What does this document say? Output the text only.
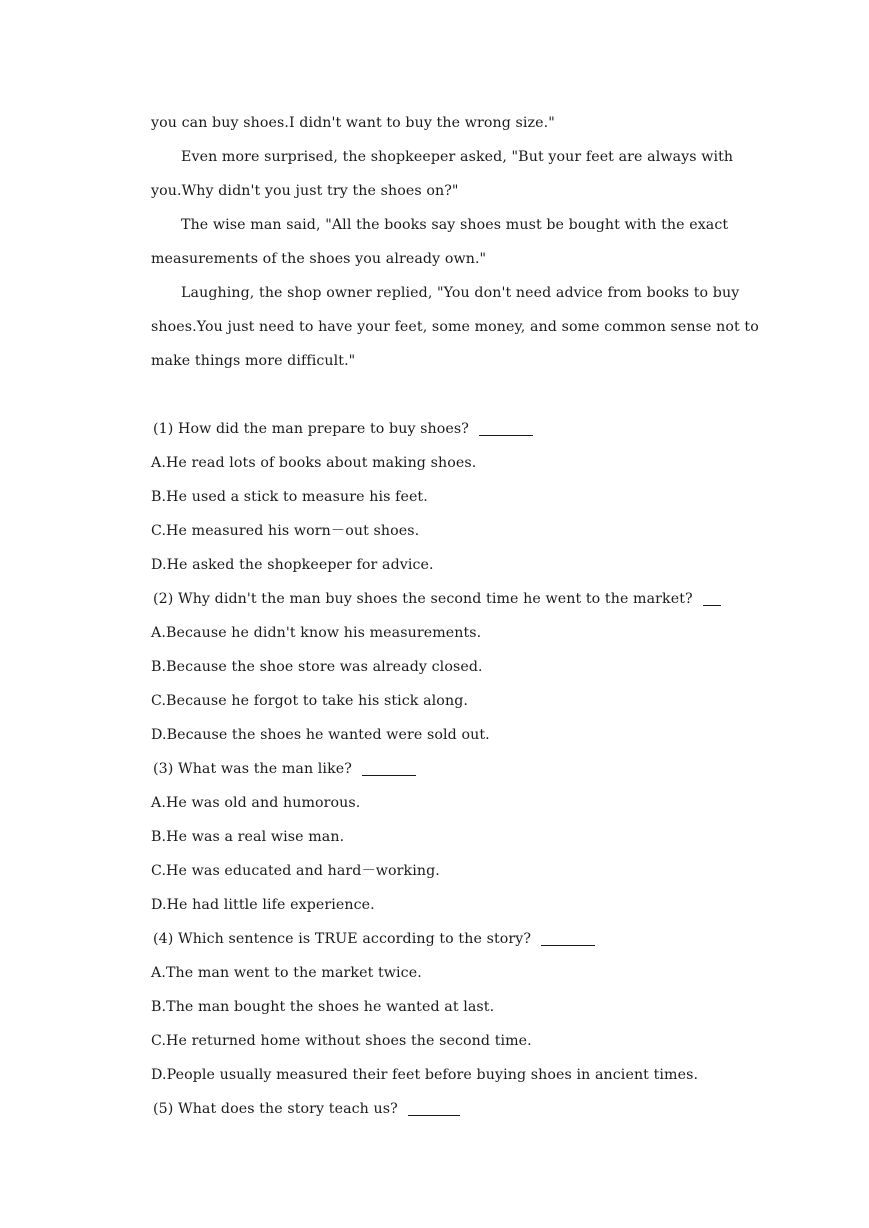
you can buy shoes.I didn't want to buy the wrong size."
Even more surprised, the shopkeeper asked, "But your feet are always with
you.Why didn't you just try the shoes on?"
The wise man said, "All the books say shoes must be bought with the exact
measurements of the shoes you already own."
Laughing, the shop owner replied, "You don't need advice from books to buy
shoes.You just need to have your feet, some money, and some common sense not to
make things more difficult."
(1) How did the man prepare to buy shoes?
A.He read lots of books about making shoes.
B.He used a stick to measure his feet.
C.He measured his worn－out shoes.
D.He asked the shopkeeper for advice.
(2) Why didn't the man buy shoes the second time he went to the market?
A.Because he didn't know his measurements.
B.Because the shoe store was already closed.
C.Because he forgot to take his stick along.
D.Because the shoes he wanted were sold out.
(3) What was the man like?
A.He was old and humorous.
B.He was a real wise man.
C.He was educated and hard－working.
D.He had little life experience.
(4) Which sentence is TRUE according to the story?
A.The man went to the market twice.
B.The man bought the shoes he wanted at last.
C.He returned home without shoes the second time.
D.People usually measured their feet before buying shoes in ancient times.
(5) What does the story teach us?
